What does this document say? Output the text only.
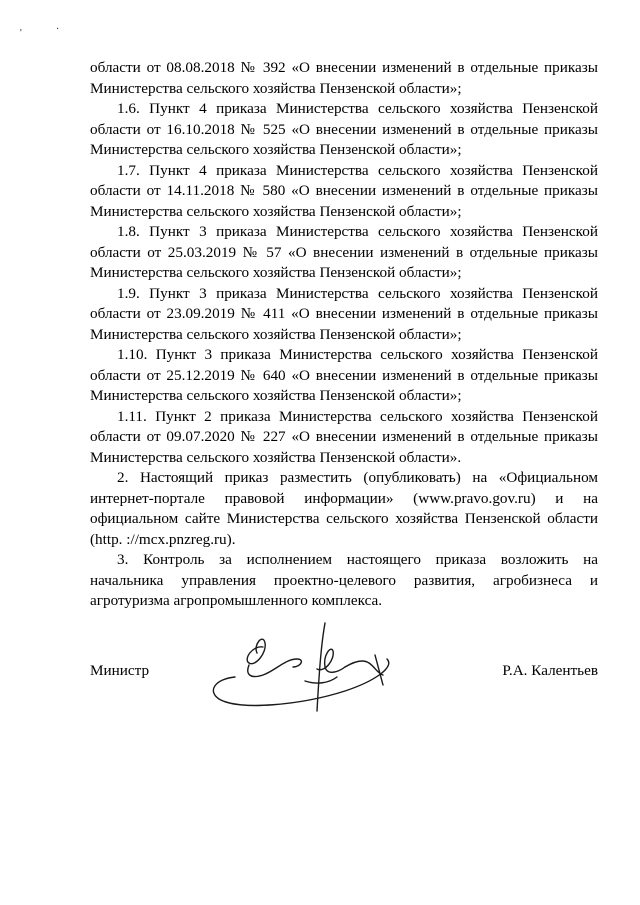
'	·

области от 08.08.2018 № 392 «О внесении изменений в отдельные приказы Министерства сельского хозяйства Пензенской области»;

1.6. Пункт 4 приказа Министерства сельского хозяйства Пензенской области от 16.10.2018 № 525 «О внесении изменений в отдельные приказы Министерства сельского хозяйства Пензенской области»;

1.7. Пункт 4 приказа Министерства сельского хозяйства Пензенской области от 14.11.2018 № 580 «О внесении изменений в отдельные приказы Министерства сельского хозяйства Пензенской области»;

1.8. Пункт 3 приказа Министерства сельского хозяйства Пензенской области от 25.03.2019 № 57 «О внесении изменений в отдельные приказы Министерства сельского хозяйства Пензенской области»;

1.9. Пункт 3 приказа Министерства сельского хозяйства Пензенской области от 23.09.2019 № 411 «О внесении изменений в отдельные приказы Министерства сельского хозяйства Пензенской области»;

1.10. Пункт 3 приказа Министерства сельского хозяйства Пензенской области от 25.12.2019 № 640 «О внесении изменений в отдельные приказы Министерства сельского хозяйства Пензенской области»;

1.11. Пункт 2 приказа Министерства сельского хозяйства Пензенской области от 09.07.2020 № 227 «О внесении изменений в отдельные приказы Министерства сельского хозяйства Пензенской области».

2. Настоящий приказ разместить (опубликовать) на «Официальном интернет-портале правовой информации» (www.pravo.gov.ru) и на официальном сайте Министерства сельского хозяйства Пензенской области (http. ://mcx.pnzreg.ru).

3. Контроль за исполнением настоящего приказа возложить на начальника управления проектно-целевого развития, агробизнеса и агротуризма агропромышленного комплекса.

Министр	Р.А. Калентьев
